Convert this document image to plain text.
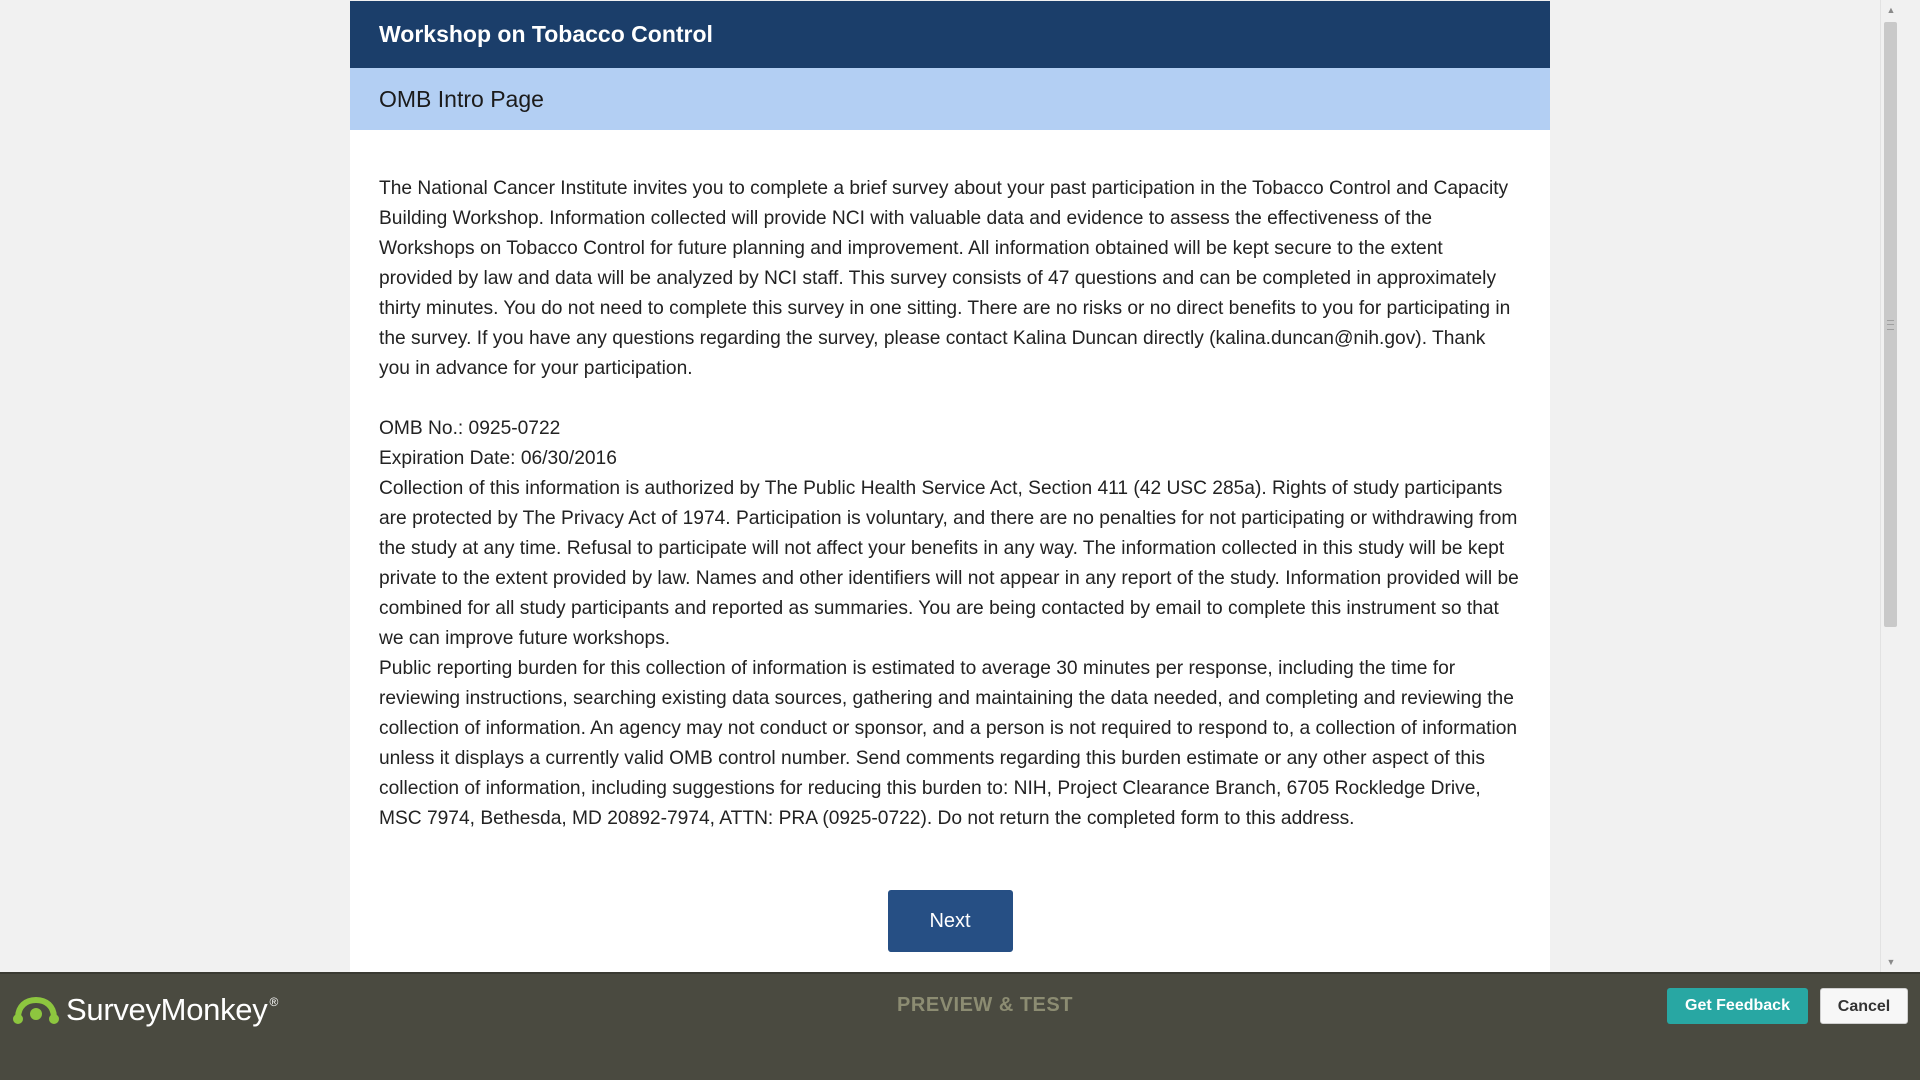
Workshop on Tobacco Control
OMB Intro Page

The National Cancer Institute invites you to complete a brief survey about your past participation in the Tobacco Control and Capacity Building Workshop. Information collected will provide NCI with valuable data and evidence to assess the effectiveness of the Workshops on Tobacco Control for future planning and improvement. All information obtained will be kept secure to the extent provided by law and data will be analyzed by NCI staff. This survey consists of 47 questions and can be completed in approximately thirty minutes. You do not need to complete this survey in one sitting. There are no risks or no direct benefits to you for participating in the survey. If you have any questions regarding the survey, please contact Kalina Duncan directly (kalina.duncan@nih.gov). Thank you in advance for your participation.

OMB No.: 0925-0722

Expiration Date: 06/30/2016

Collection of this information is authorized by The Public Health Service Act, Section 411 (42 USC 285a). Rights of study participants are protected by The Privacy Act of 1974. Participation is voluntary, and there are no penalties for not participating or withdrawing from the study at any time. Refusal to participate will not affect your benefits in any way. The information collected in this study will be kept private to the extent provided by law. Names and other identifiers will not appear in any report of the study. Information provided will be combined for all study participants and reported as summaries. You are being contacted by email to complete this instrument so that we can improve future workshops.

Public reporting burden for this collection of information is estimated to average 30 minutes per response, including the time for reviewing instructions, searching existing data sources, gathering and maintaining the data needed, and completing and reviewing the collection of information. An agency may not conduct or sponsor, and a person is not required to respond to, a collection of information unless it displays a currently valid OMB control number. Send comments regarding this burden estimate or any other aspect of this collection of information, including suggestions for reducing this burden to: NIH, Project Clearance Branch, 6705 Rockledge Drive, MSC 7974, Bethesda, MD 20892-7974, ATTN: PRA (0925-0722). Do not return the completed form to this address.

Next
▲
▼
SurveyMonkey ®	PREVIEW & TEST	Get Feedback	Cancel
